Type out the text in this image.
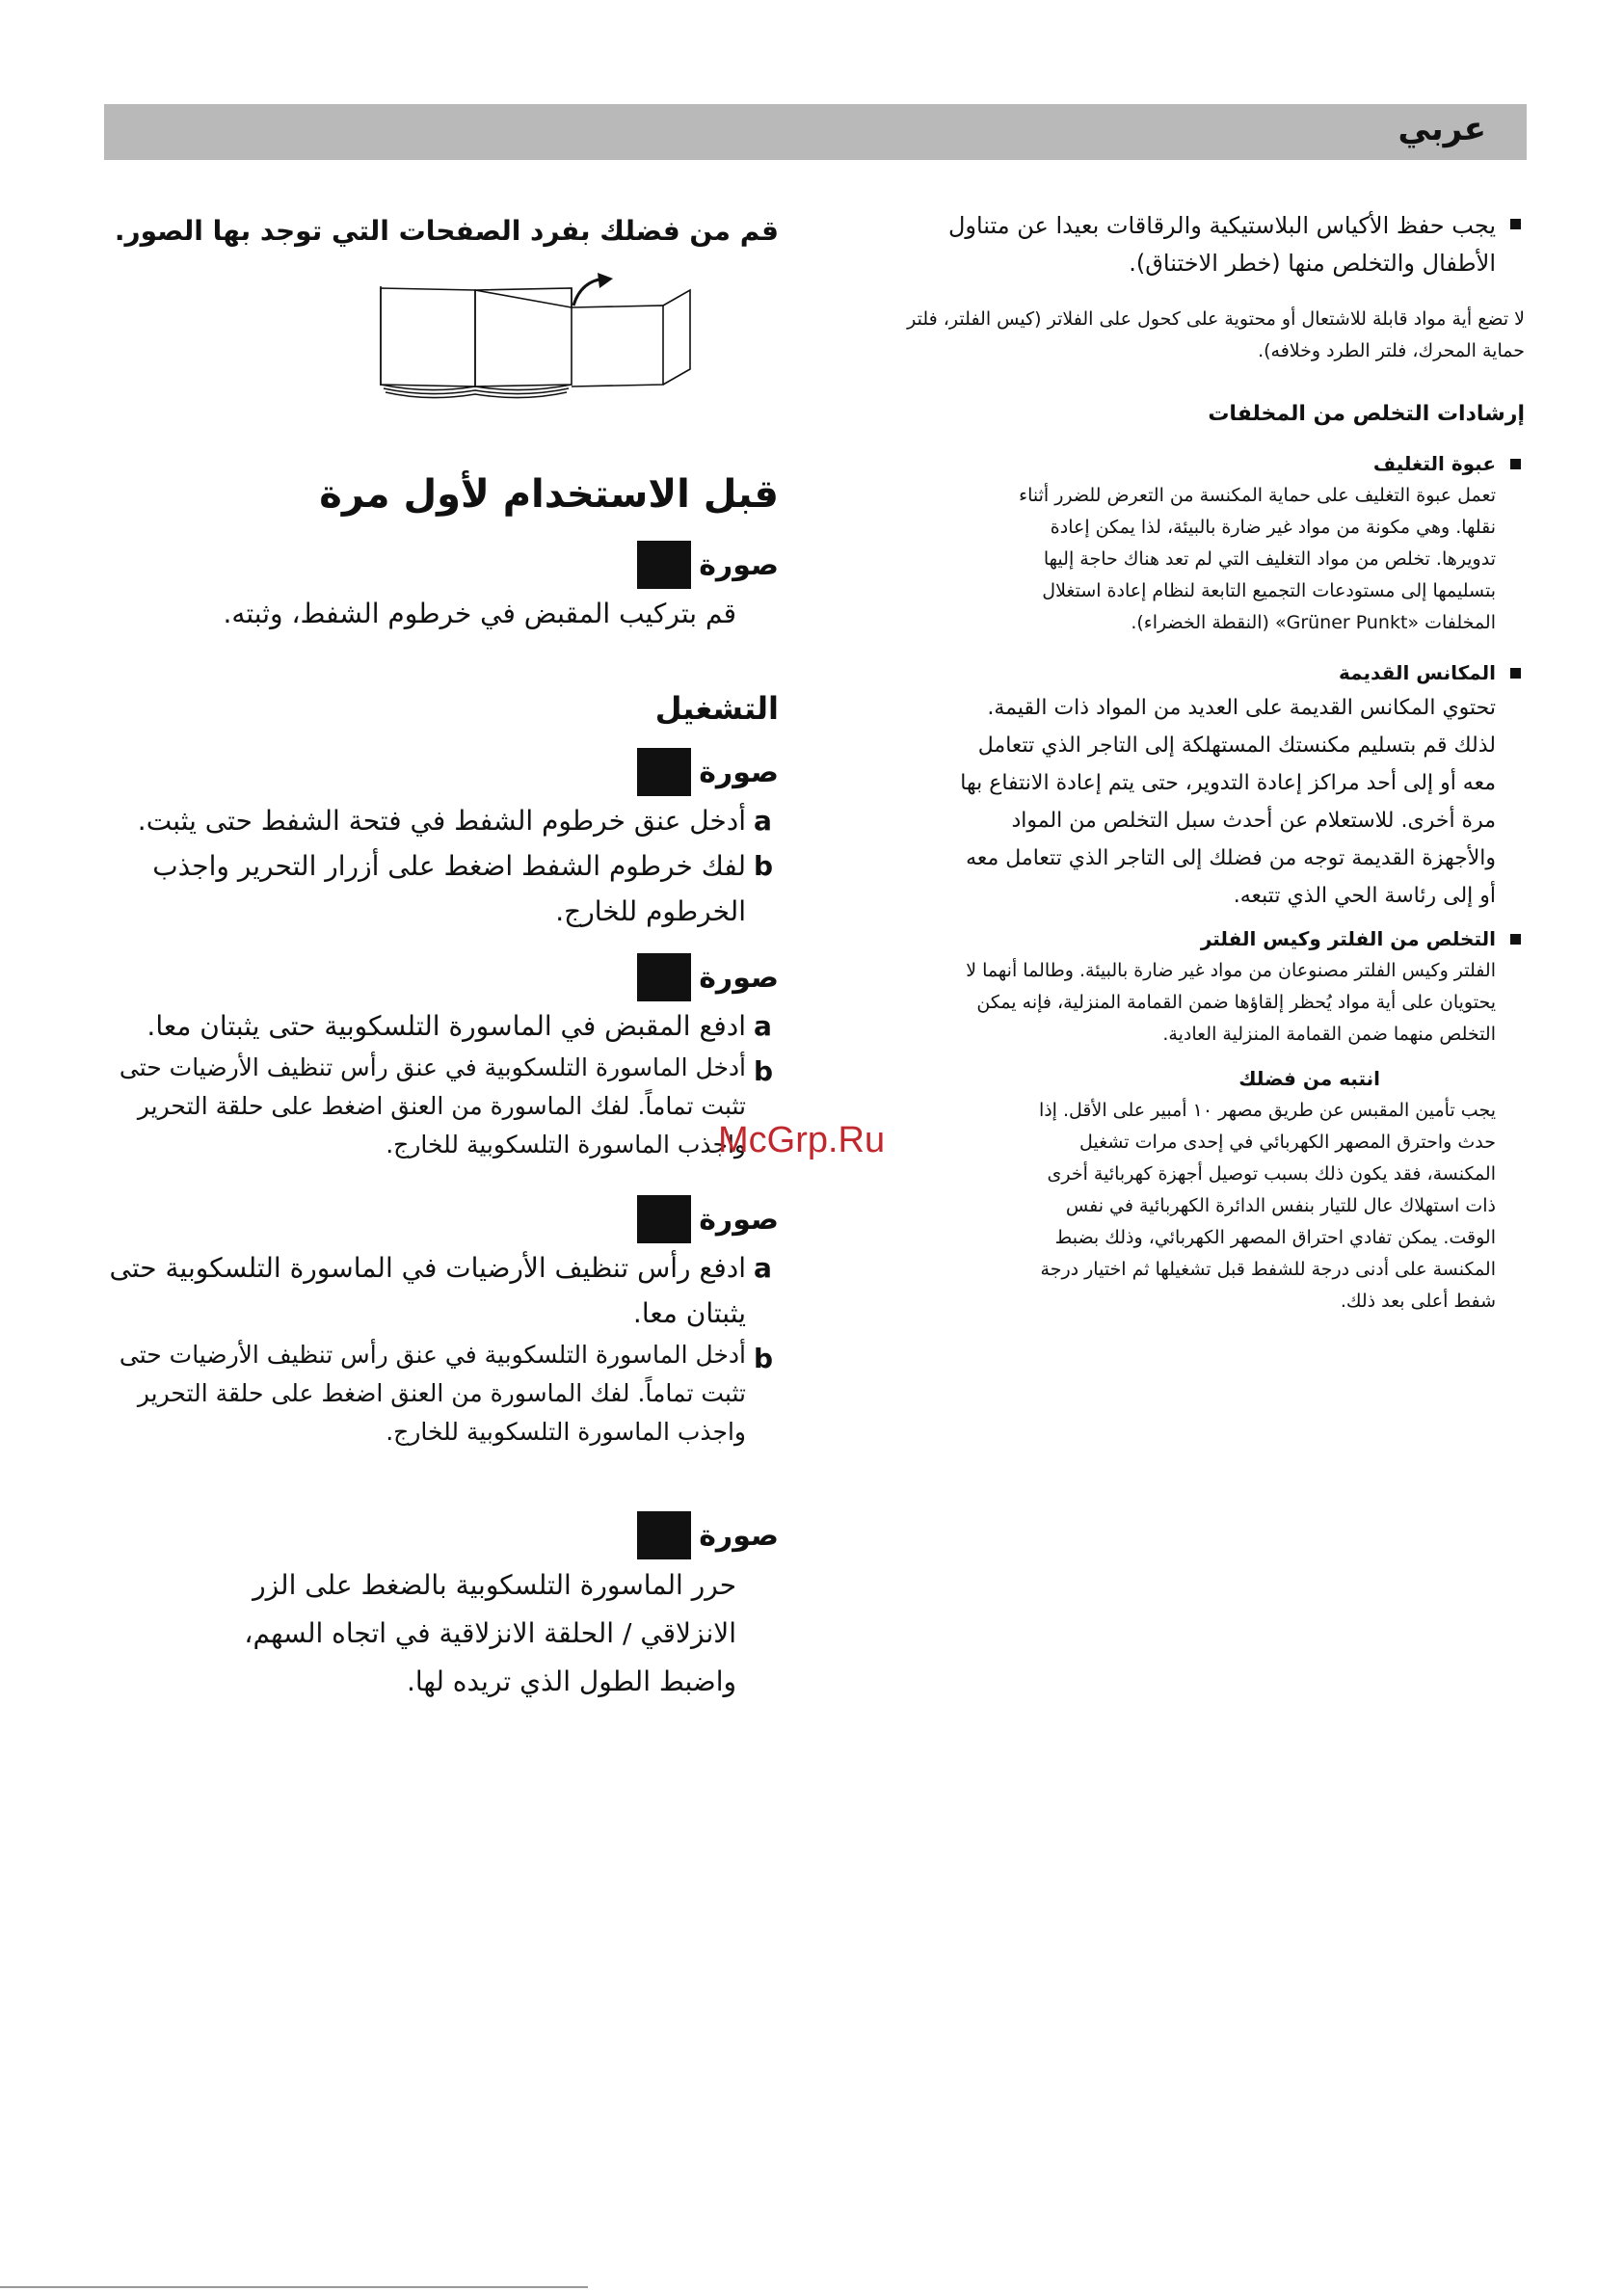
عربي
يجب حفظ الأكياس البلاستيكية والرقاقات بعيدا عن متناول الأطفال والتخلص منها (خطر الاختناق).
لا تضع أية مواد قابلة للاشتعال أو محتوية على كحول على الفلاتر (كيس الفلتر، فلتر حماية المحرك، فلتر الطرد وخلافه).
إرشادات التخلص من المخلفات
عبوة التغليف
تعمل عبوة التغليف على حماية المكنسة من التعرض للضرر أثناء نقلها. وهي مكونة من مواد غير ضارة بالبيئة، لذا يمكن إعادة تدويرها. تخلص من مواد التغليف التي لم تعد هناك حاجة إليها بتسليمها إلى مستودعات التجميع التابعة لنظام إعادة استغلال المخلفات «Grüner Punkt» (النقطة الخضراء).
المكانس القديمة
تحتوي المكانس القديمة على العديد من المواد ذات القيمة. لذلك قم بتسليم مكنستك المستهلكة إلى التاجر الذي تتعامل معه أو إلى أحد مراكز إعادة التدوير، حتى يتم إعادة الانتفاع بها مرة أخرى. للاستعلام عن أحدث سبل التخلص من المواد والأجهزة القديمة توجه من فضلك إلى التاجر الذي تتعامل معه أو إلى رئاسة الحي الذي تتبعه.
التخلص من الفلتر وكيس الفلتر
الفلتر وكيس الفلتر مصنوعان من مواد غير ضارة بالبيئة. وطالما أنهما لا يحتويان على أية مواد يُحظر إلقاؤها ضمن القمامة المنزلية، فإنه يمكن التخلص منهما ضمن القمامة المنزلية العادية.
انتبه من فضلك
يجب تأمين المقبس عن طريق مصهر ١٠ أمبير على الأقل. إذا حدث واحترق المصهر الكهربائي في إحدى مرات تشغيل المكنسة، فقد يكون ذلك بسبب توصيل أجهزة كهربائية أخرى ذات استهلاك عال للتيار بنفس الدائرة الكهربائية في نفس الوقت. يمكن تفادي احتراق المصهر الكهربائي، وذلك بضبط المكنسة على أدنى درجة للشفط قبل تشغيلها ثم اختيار درجة شفط أعلى بعد ذلك.
قم من فضلك بفرد الصفحات التي توجد بها الصور.
قبل الاستخدام لأول مرة
صورة
قم بتركيب المقبض في خرطوم الشفط، وثبته.
التشغيل
صورة
a
أدخل عنق خرطوم الشفط في فتحة الشفط حتى يثبت.
b
لفك خرطوم الشفط اضغط على أزرار التحرير واجذب الخرطوم للخارج.
صورة
a
ادفع المقبض في الماسورة التلسكوبية حتى يثبتان معا.
b
أدخل الماسورة التلسكوبية في عنق رأس تنظيف الأرضيات حتى تثبت تماماً. لفك الماسورة من العنق اضغط على حلقة التحرير واجذب الماسورة التلسكوبية للخارج.
صورة
a
ادفع رأس تنظيف الأرضيات في الماسورة التلسكوبية حتى يثبتان معا.
b
أدخل الماسورة التلسكوبية في عنق رأس تنظيف الأرضيات حتى تثبت تماماً. لفك الماسورة من العنق اضغط على حلقة التحرير واجذب الماسورة التلسكوبية للخارج.
صورة
حرر الماسورة التلسكوبية بالضغط على الزر الانزلاقي / الحلقة الانزلاقية في اتجاه السهم، واضبط الطول الذي تريده لها.
McGrp.Ru
